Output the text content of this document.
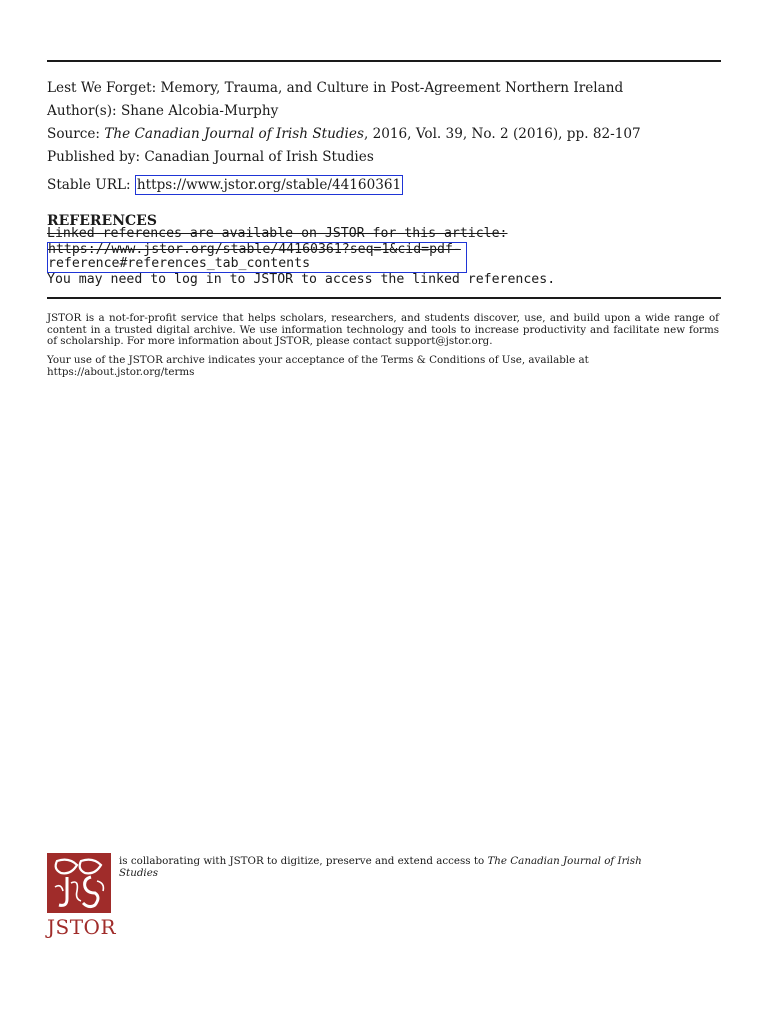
Lest We Forget: Memory, Trauma, and Culture in Post-Agreement Northern Ireland
Author(s): Shane Alcobia-Murphy
Source: The Canadian Journal of Irish Studies, 2016, Vol. 39, No. 2 (2016), pp. 82-107
Published by: Canadian Journal of Irish Studies
Stable URL: https://www.jstor.org/stable/44160361
REFERENCES
Linked references are available on JSTOR for this article:
https://www.jstor.org/stable/44160361?seq=1&cid=pdf-
reference#references_tab_contents
You may need to log in to JSTOR to access the linked references.
JSTOR is a not-for-profit service that helps scholars, researchers, and students discover, use, and build upon a wide range of content in a trusted digital archive. We use information technology and tools to increase productivity and facilitate new forms of scholarship. For more information about JSTOR, please contact support@jstor.org.
Your use of the JSTOR archive indicates your acceptance of the Terms & Conditions of Use, available at
https://about.jstor.org/terms
JSTOR
is collaborating with JSTOR to digitize, preserve and extend access to The Canadian Journal of Irish Studies
